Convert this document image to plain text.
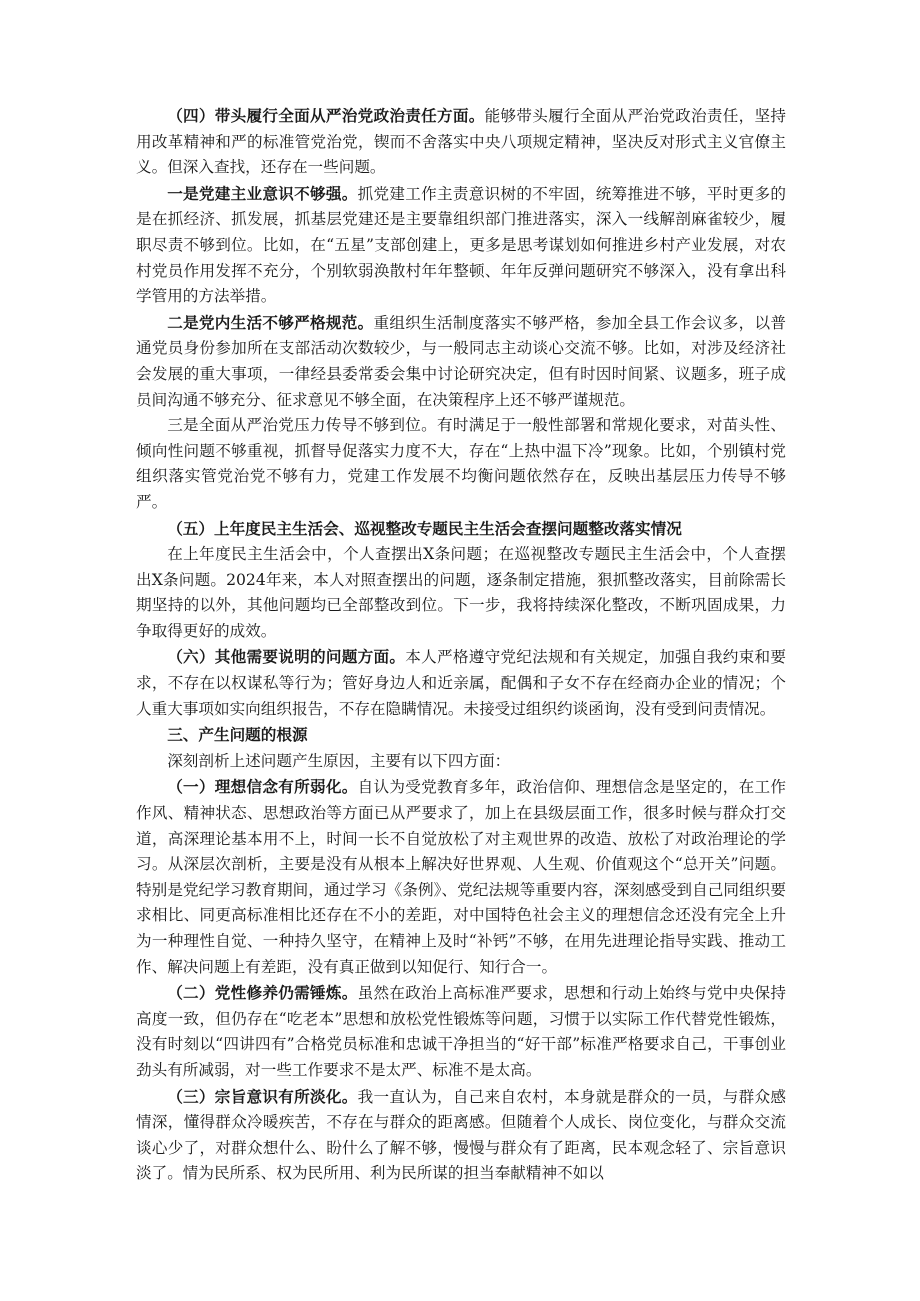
（四）带头履行全面从严治党政治责任方面。能够带头履行全面从严治党政治责任，坚持用改革精神和严的标准管党治党，锲而不舍落实中央八项规定精神，坚决反对形式主义官僚主义。但深入查找，还存在一些问题。

一是党建主业意识不够强。抓党建工作主责意识树的不牢固，统筹推进不够，平时更多的是在抓经济、抓发展，抓基层党建还是主要靠组织部门推进落实，深入一线解剖麻雀较少，履职尽责不够到位。比如，在“五星”支部创建上，更多是思考谋划如何推进乡村产业发展，对农村党员作用发挥不充分，个别软弱涣散村年年整顿、年年反弹问题研究不够深入，没有拿出科学管用的方法举措。

二是党内生活不够严格规范。重组织生活制度落实不够严格，参加全县工作会议多，以普通党员身份参加所在支部活动次数较少，与一般同志主动谈心交流不够。比如，对涉及经济社会发展的重大事项，一律经县委常委会集中讨论研究决定，但有时因时间紧、议题多，班子成员间沟通不够充分、征求意见不够全面，在决策程序上还不够严谨规范。

三是全面从严治党压力传导不够到位。有时满足于一般性部署和常规化要求，对苗头性、倾向性问题不够重视，抓督导促落实力度不大，存在“上热中温下冷”现象。比如，个别镇村党组织落实管党治党不够有力，党建工作发展不均衡问题依然存在，反映出基层压力传导不够严。

（五）上年度民主生活会、巡视整改专题民主生活会查摆问题整改落实情况

在上年度民主生活会中，个人查摆出X条问题；在巡视整改专题民主生活会中，个人查摆出X条问题。2024年来，本人对照查摆出的问题，逐条制定措施，狠抓整改落实，目前除需长期坚持的以外，其他问题均已全部整改到位。下一步，我将持续深化整改，不断巩固成果，力争取得更好的成效。

（六）其他需要说明的问题方面。本人严格遵守党纪法规和有关规定，加强自我约束和要求，不存在以权谋私等行为；管好身边人和近亲属，配偶和子女不存在经商办企业的情况；个人重大事项如实向组织报告，不存在隐瞒情况。未接受过组织约谈函询，没有受到问责情况。

三、产生问题的根源

深刻剖析上述问题产生原因，主要有以下四方面：

（一）理想信念有所弱化。自认为受党教育多年，政治信仰、理想信念是坚定的，在工作作风、精神状态、思想政治等方面已从严要求了，加上在县级层面工作，很多时候与群众打交道，高深理论基本用不上，时间一长不自觉放松了对主观世界的改造、放松了对政治理论的学习。从深层次剖析，主要是没有从根本上解决好世界观、人生观、价值观这个“总开关”问题。特别是党纪学习教育期间，通过学习《条例》、党纪法规等重要内容，深刻感受到自己同组织要求相比、同更高标准相比还存在不小的差距，对中国特色社会主义的理想信念还没有完全上升为一种理性自觉、一种持久坚守，在精神上及时“补钙”不够，在用先进理论指导实践、推动工作、解决问题上有差距，没有真正做到以知促行、知行合一。

（二）党性修养仍需锤炼。虽然在政治上高标准严要求，思想和行动上始终与党中央保持高度一致，但仍存在“吃老本”思想和放松党性锻炼等问题，习惯于以实际工作代替党性锻炼，没有时刻以“四讲四有”合格党员标准和忠诚干净担当的“好干部”标准严格要求自己，干事创业劲头有所减弱，对一些工作要求不是太严、标准不是太高。

（三）宗旨意识有所淡化。我一直认为，自己来自农村，本身就是群众的一员，与群众感情深，懂得群众冷暖疾苦，不存在与群众的距离感。但随着个人成长、岗位变化，与群众交流谈心少了，对群众想什么、盼什么了解不够，慢慢与群众有了距离，民本观念轻了、宗旨意识淡了。情为民所系、权为民所用、利为民所谋的担当奉献精神不如以
